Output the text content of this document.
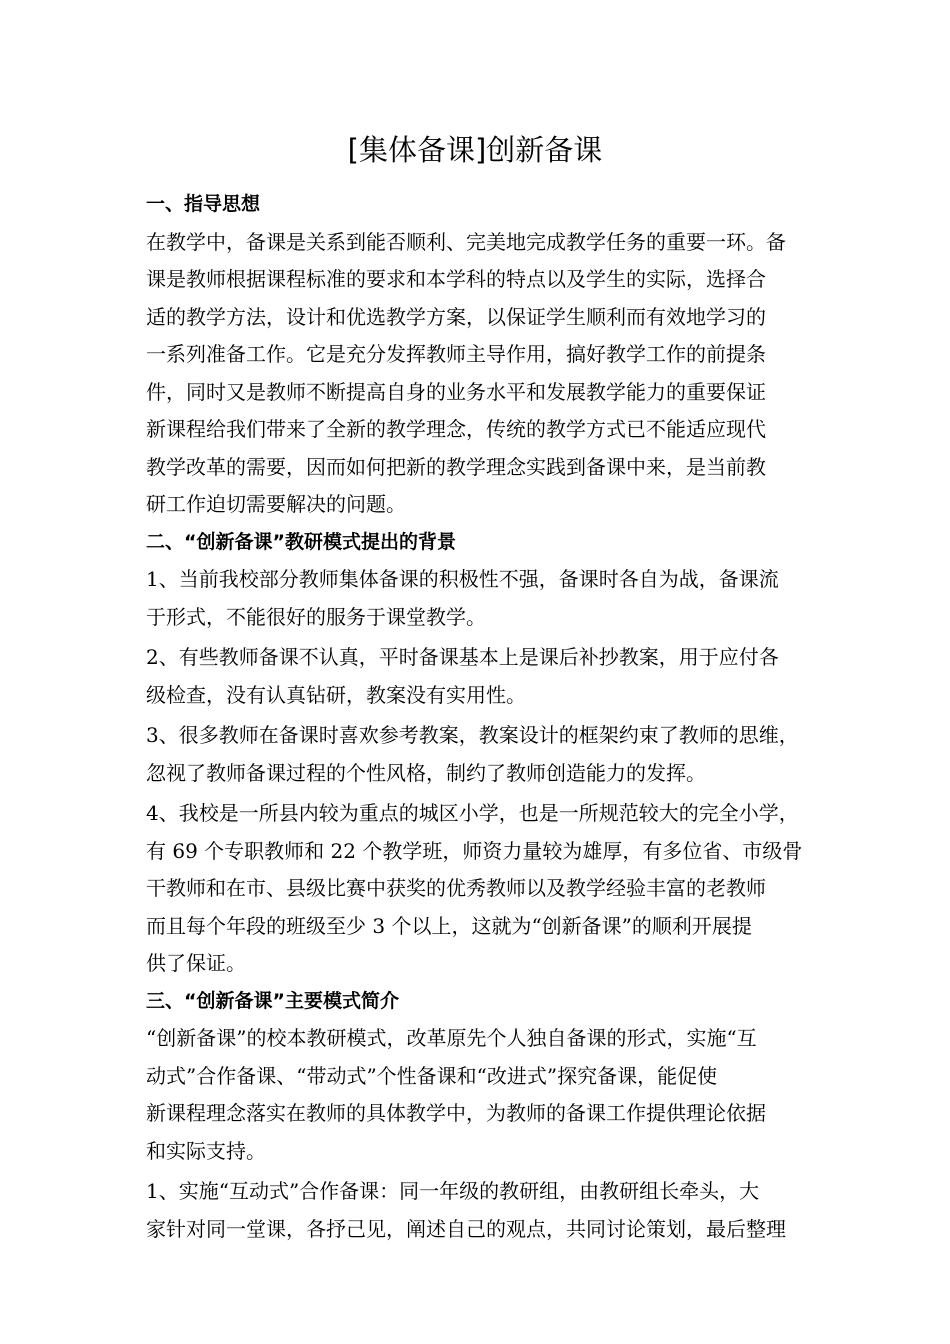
[集体备课]创新备课
一、指导思想
在教学中，备课是关系到能否顺利、完美地完成教学任务的重要一环。备
课是教师根据课程标准的要求和本学科的特点以及学生的实际，选择合
适的教学方法，设计和优选教学方案，以保证学生顺利而有效地学习的
一系列准备工作。它是充分发挥教师主导作用，搞好教学工作的前提条
件，同时又是教师不断提高自身的业务水平和发展教学能力的重要保证
新课程给我们带来了全新的教学理念，传统的教学方式已不能适应现代
教学改革的需要，因而如何把新的教学理念实践到备课中来，是当前教
研工作迫切需要解决的问题。
二、“创新备课”教研模式提出的背景
1、当前我校部分教师集体备课的积极性不强，备课时各自为战，备课流
于形式，不能很好的服务于课堂教学。
2、有些教师备课不认真，平时备课基本上是课后补抄教案，用于应付各
级检查，没有认真钻研，教案没有实用性。
3、很多教师在备课时喜欢参考教案，教案设计的框架约束了教师的思维，
忽视了教师备课过程的个性风格，制约了教师创造能力的发挥。
4、我校是一所县内较为重点的城区小学，也是一所规范较大的完全小学，
有 69 个专职教师和 22 个教学班，师资力量较为雄厚，有多位省、市级骨
干教师和在市、县级比赛中获奖的优秀教师以及教学经验丰富的老教师
而且每个年段的班级至少 3 个以上，这就为“创新备课”的顺利开展提
供了保证。
三、“创新备课”主要模式简介
“创新备课”的校本教研模式，改革原先个人独自备课的形式，实施“互
动式”合作备课、“带动式”个性备课和“改进式”探究备课，能促使
新课程理念落实在教师的具体教学中，为教师的备课工作提供理论依据
和实际支持。
1、实施“互动式”合作备课：同一年级的教研组，由教研组长牵头，大
家针对同一堂课，各抒己见，阐述自己的观点，共同讨论策划，最后整理
